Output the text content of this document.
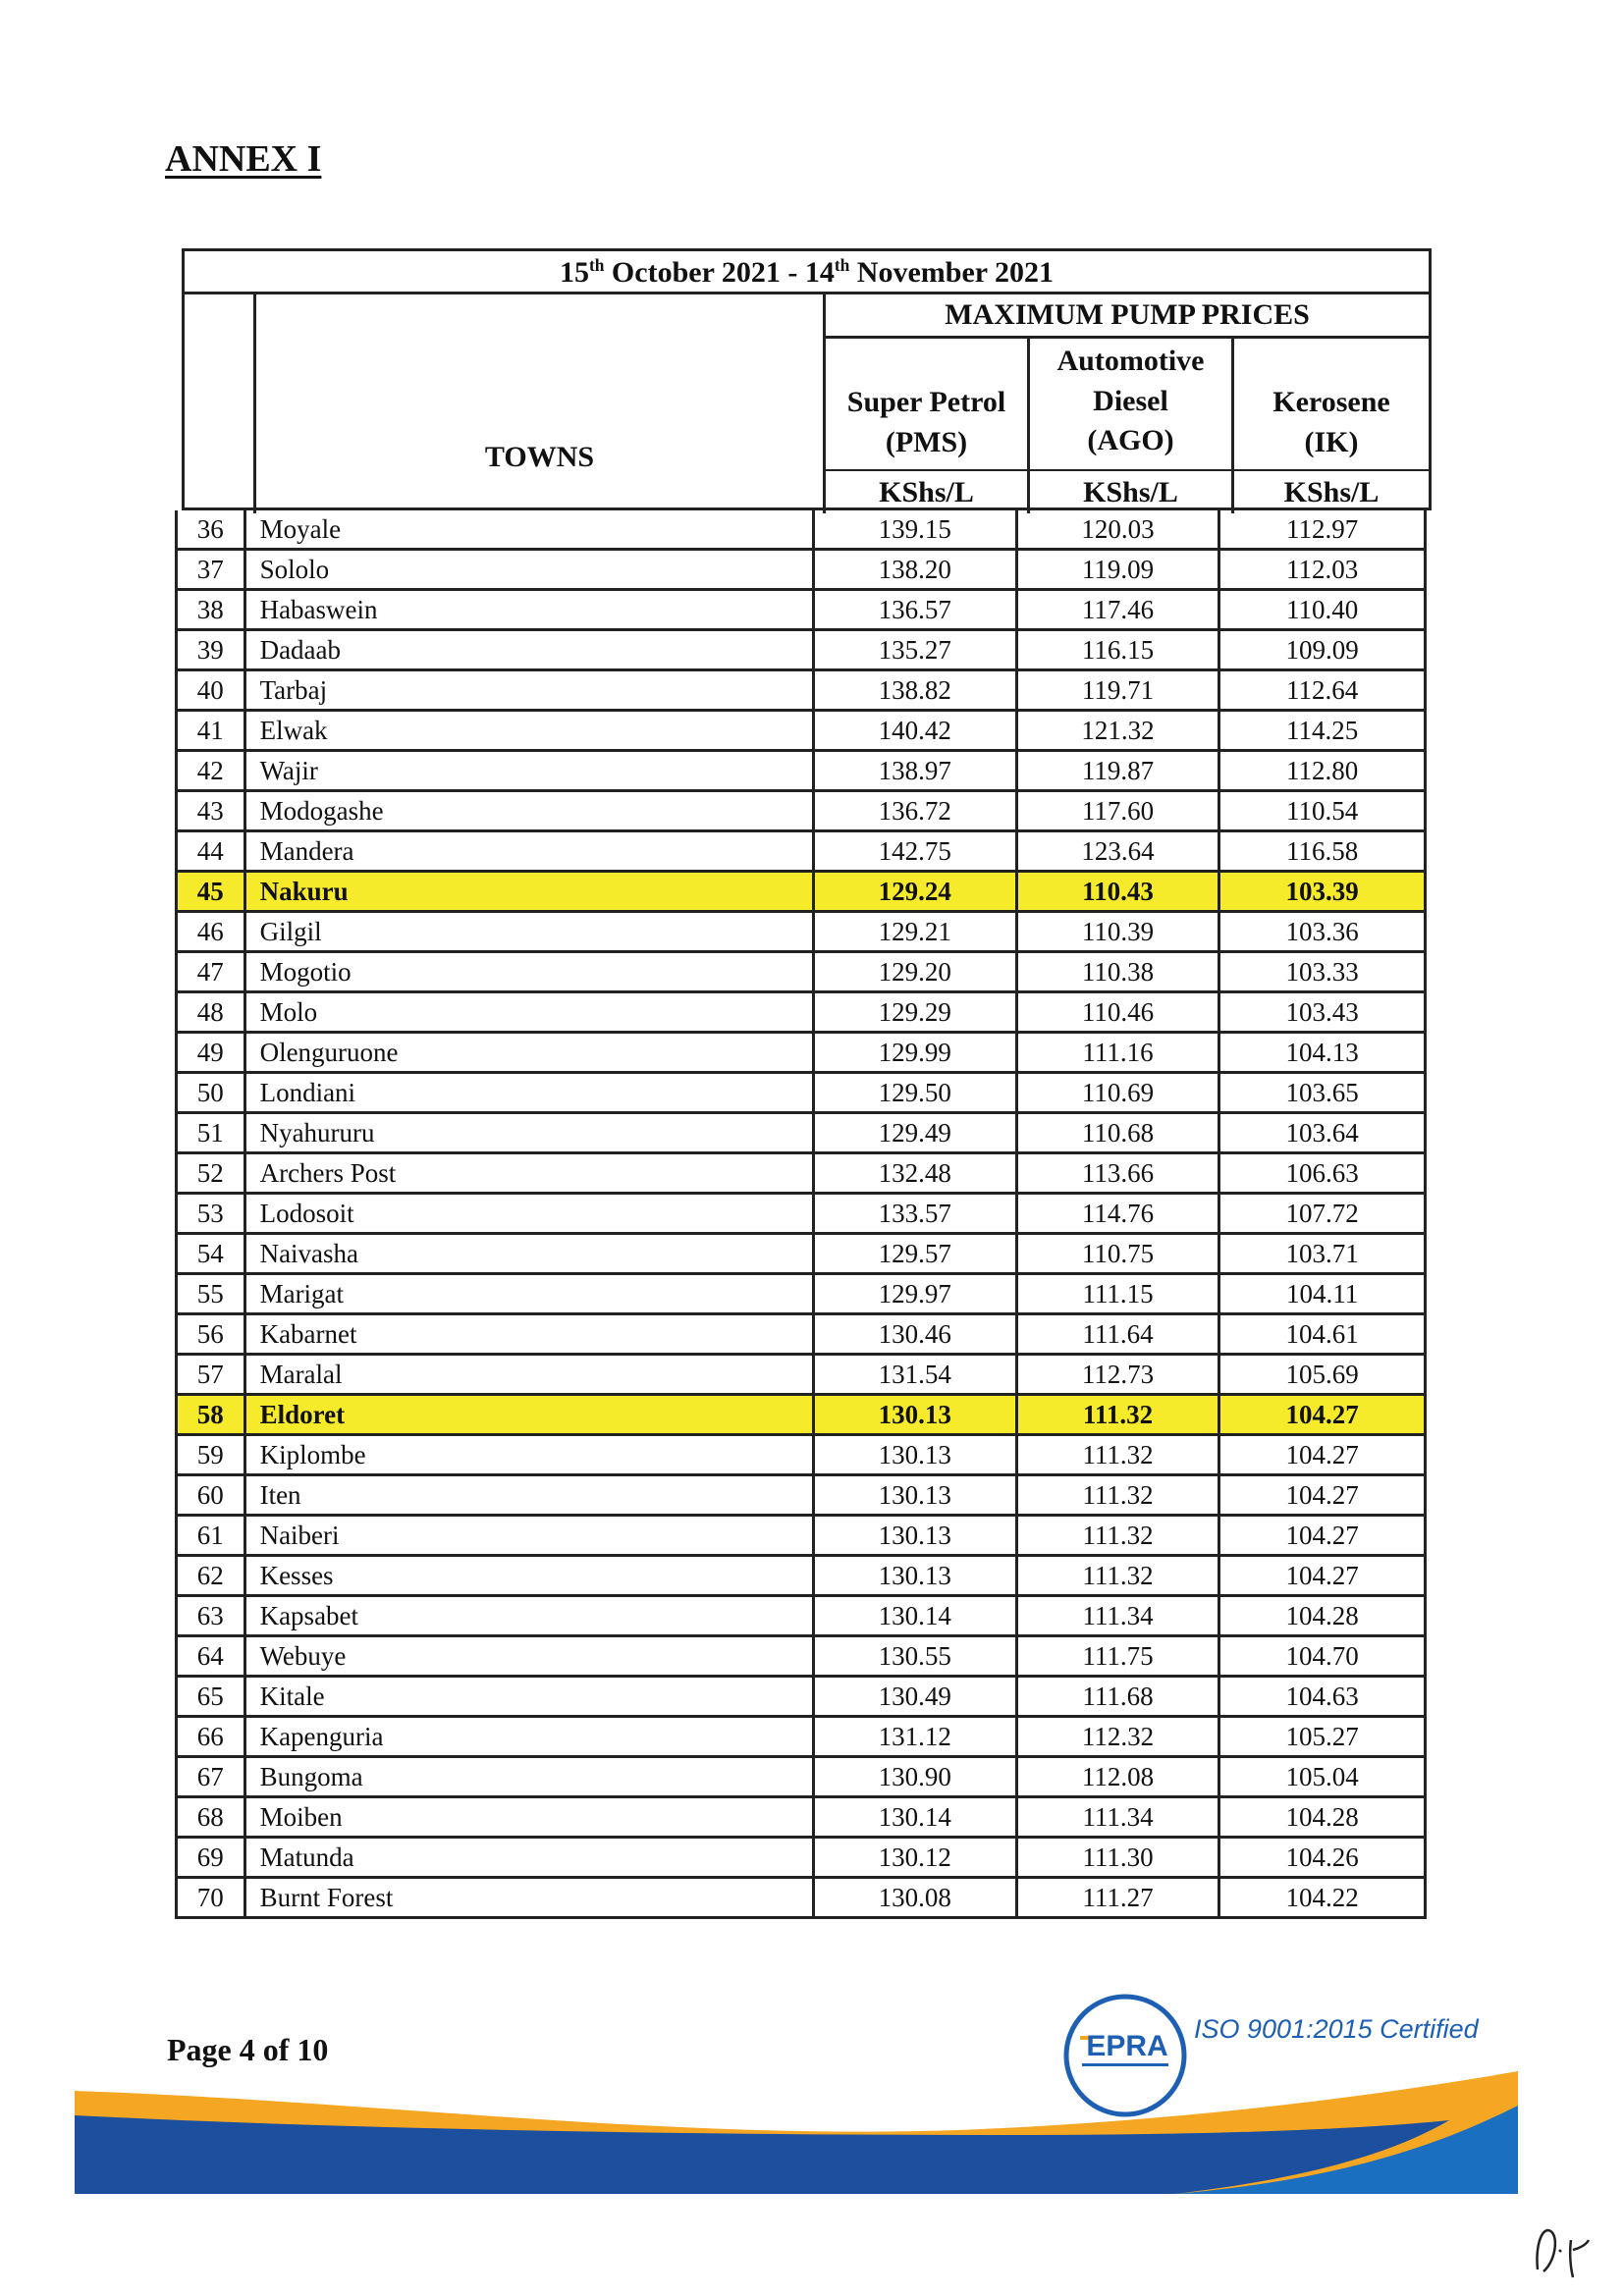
ANNEX I
15th October 2021 - 14th November 2021
MAXIMUM PUMP PRICES
TOWNS
Super Petrol
(PMS)
Automotive
Diesel
(AGO)
Kerosene
(IK)
KShs/L	KShs/L	KShs/L
36	Moyale	139.15	120.03	112.97
37	Sololo	138.20	119.09	112.03
38	Habaswein	136.57	117.46	110.40
39	Dadaab	135.27	116.15	109.09
40	Tarbaj	138.82	119.71	112.64
41	Elwak	140.42	121.32	114.25
42	Wajir	138.97	119.87	112.80
43	Modogashe	136.72	117.60	110.54
44	Mandera	142.75	123.64	116.58
45	Nakuru	129.24	110.43	103.39
46	Gilgil	129.21	110.39	103.36
47	Mogotio	129.20	110.38	103.33
48	Molo	129.29	110.46	103.43
49	Olenguruone	129.99	111.16	104.13
50	Londiani	129.50	110.69	103.65
51	Nyahururu	129.49	110.68	103.64
52	Archers Post	132.48	113.66	106.63
53	Lodosoit	133.57	114.76	107.72
54	Naivasha	129.57	110.75	103.71
55	Marigat	129.97	111.15	104.11
56	Kabarnet	130.46	111.64	104.61
57	Maralal	131.54	112.73	105.69
58	Eldoret	130.13	111.32	104.27
59	Kiplombe	130.13	111.32	104.27
60	Iten	130.13	111.32	104.27
61	Naiberi	130.13	111.32	104.27
62	Kesses	130.13	111.32	104.27
63	Kapsabet	130.14	111.34	104.28
64	Webuye	130.55	111.75	104.70
65	Kitale	130.49	111.68	104.63
66	Kapenguria	131.12	112.32	105.27
67	Bungoma	130.90	112.08	105.04
68	Moiben	130.14	111.34	104.28
69	Matunda	130.12	111.30	104.26
70	Burnt Forest	130.08	111.27	104.22
Page 4 of 10	EPRA
ISO 9001:2015 Certified
